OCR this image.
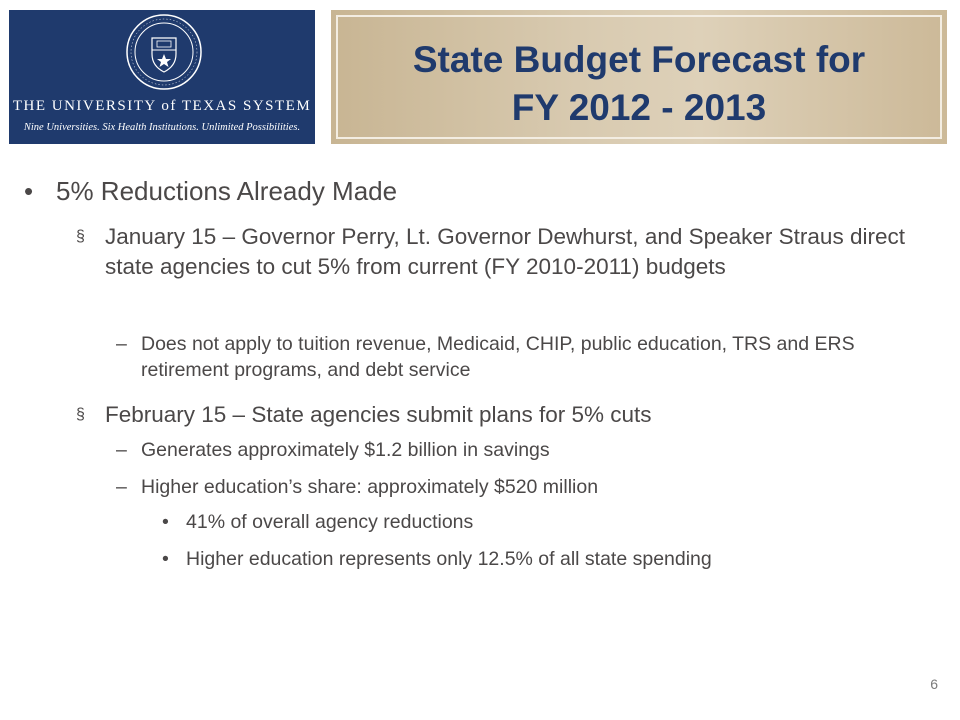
THE UNIVERSITY of TEXAS SYSTEM
Nine Universities. Six Health Institutions. Unlimited Possibilities.
State Budget Forecast for
FY 2012 - 2013
• 5% Reductions Already Made
§ January 15 – Governor Perry, Lt. Governor Dewhurst, and Speaker Straus direct state agencies to cut 5% from current (FY 2010-2011) budgets
– Does not apply to tuition revenue, Medicaid, CHIP, public education, TRS and ERS retirement programs, and debt service
§ February 15 – State agencies submit plans for 5% cuts
– Generates approximately $1.2 billion in savings
– Higher education’s share: approximately $520 million
• 41% of overall agency reductions
• Higher education represents only 12.5% of all state spending
6
